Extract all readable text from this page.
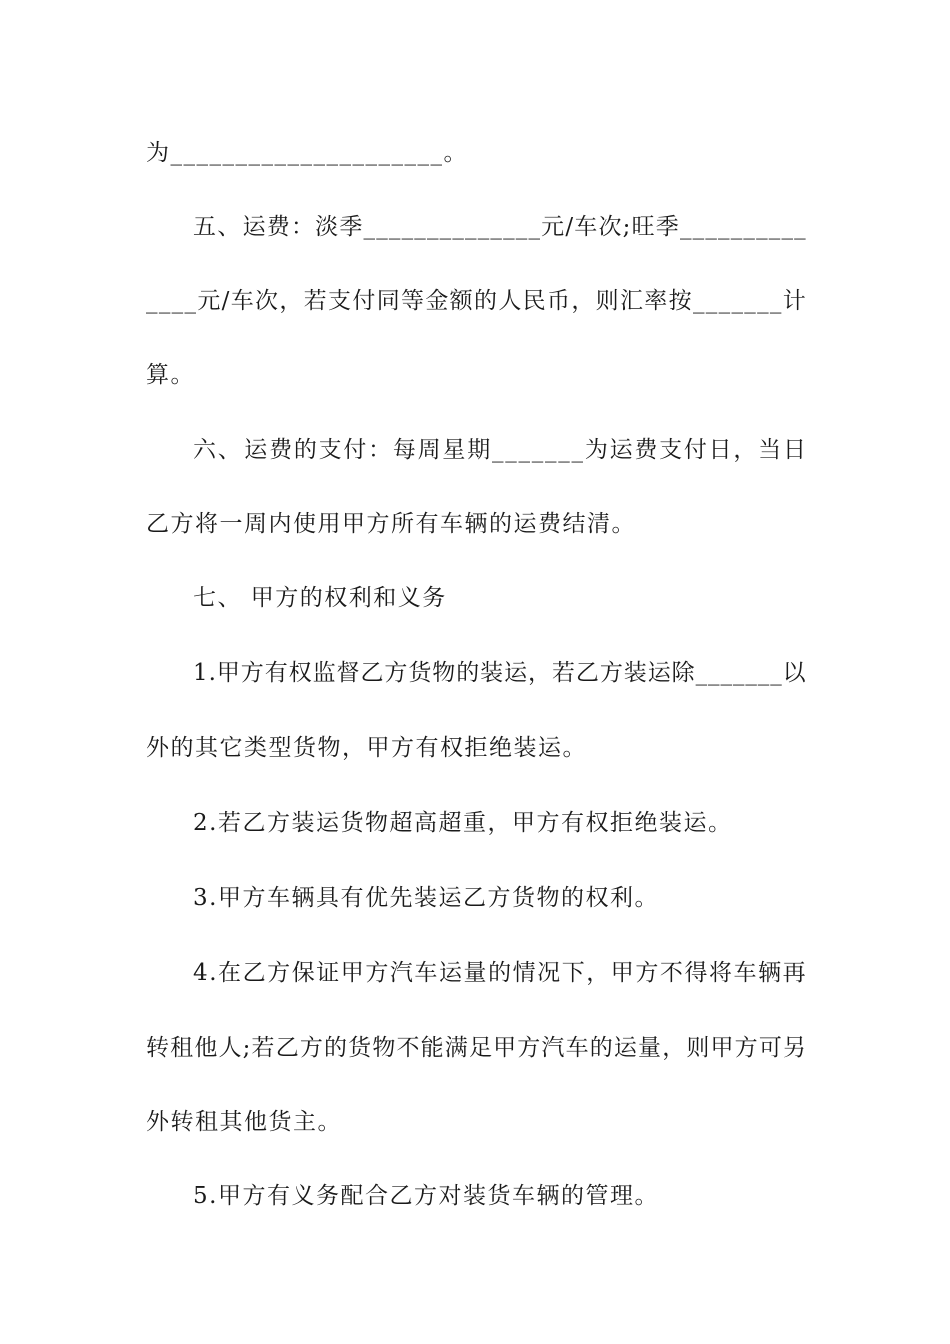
为_____________________。
五 、 运 费 ： 淡 季 _ _ _ _ _ _ _ _ _ _ _ _ _ _ 元 / 车 次 ; 旺 季 _ _ _ _ _ _ _ _ _ _
_ _ _ _ 元 / 车 次 ， 若 支 付 同 等 金 额 的 人 民 币 ， 则 汇 率 按 _ _ _ _ _ _ _ 计
算。
六 、 运 费 的 支 付 ： 每 周 星 期 _ _ _ _ _ _ _ 为 运 费 支 付 日 ， 当 日
乙方将一周内使用甲方所有车辆的运费结清。
七、 甲方的权利和义务
1 . 甲 方 有 权 监 督 乙 方 货 物 的 装 运 ， 若 乙 方 装 运 除 _ _ _ _ _ _ _ 以
外的其它类型货物，甲方有权拒绝装运。
2.若乙方装运货物超高超重，甲方有权拒绝装运。
3.甲方车辆具有优先装运乙方货物的权利。
4 . 在 乙 方 保 证 甲 方 汽 车 运 量 的 情 况 下 ， 甲 方 不 得 将 车 辆 再
转 租 他 人 ; 若 乙 方 的 货 物 不 能 满 足 甲 方 汽 车 的 运 量 ， 则 甲 方 可 另
外转租其他货主。
5.甲方有义务配合乙方对装货车辆的管理。
